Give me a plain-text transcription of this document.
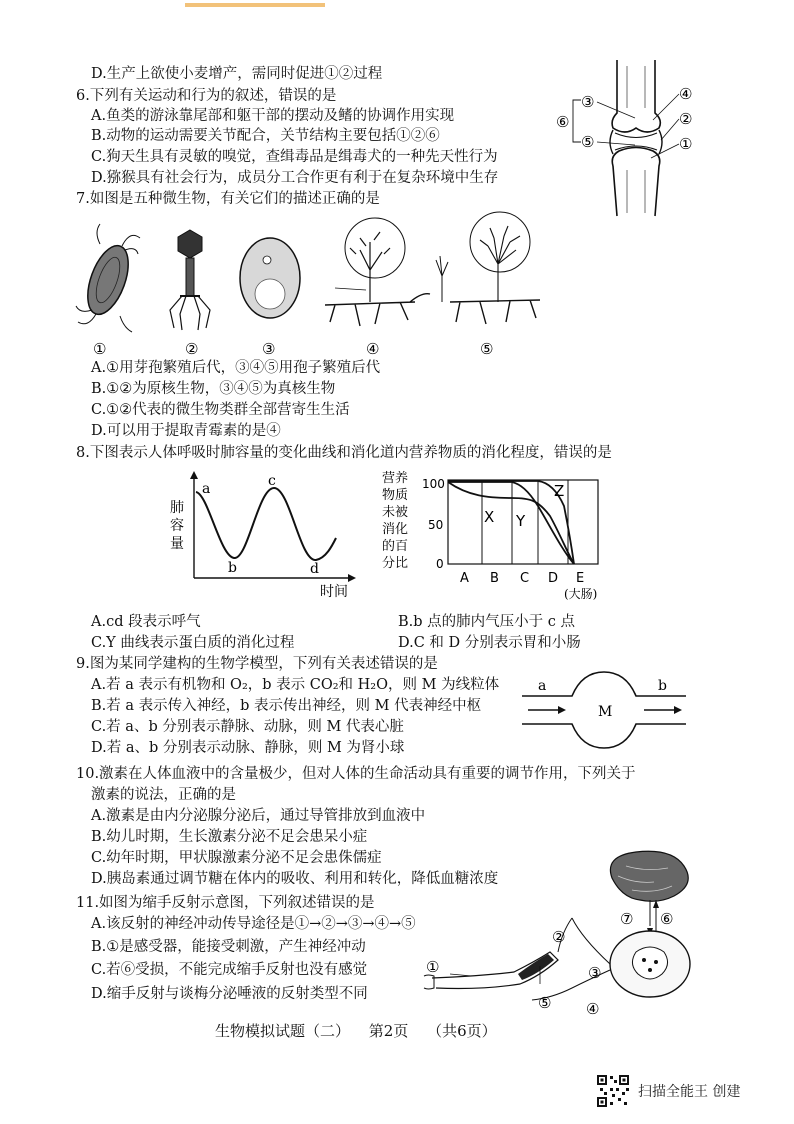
D.生产上欲使小麦增产，需同时促进①②过程
6.下列有关运动和行为的叙述，错误的是
A.鱼类的游泳靠尾部和躯干部的摆动及鳍的协调作用实现
B.动物的运动需要关节配合，关节结构主要包括①②⑥
C.狗天生具有灵敏的嗅觉，查缉毒品是缉毒犬的一种先天性行为
D.猕猴具有社会行为，成员分工合作更有利于在复杂环境中生存
7.如图是五种微生物，有关它们的描述正确的是
③	④
⑥	②
⑤	①
①	②	③	④	⑤
A.①用芽孢繁殖后代，③④⑤用孢子繁殖后代
B.①②为原核生物，③④⑤为真核生物
C.①②代表的微生物类群全部营寄生生活
D.可以用于提取青霉素的是④
8.下图表示人体呼吸时肺容量的变化曲线和消化道内营养物质的消化程度，错误的是
肺
容
量
a
b
c
d
时间
营养
物质
未被
消化
的百
分比
100
50
0
X Y
Z
A B C D E
(大肠)
A.cd 段表示呼气	B.b 点的肺内气压小于 c 点
C.Y 曲线表示蛋白质的消化过程	D.C 和 D 分别表示胃和小肠
9.图为某同学建构的生物学模型，下列有关表述错误的是
A.若 a 表示有机物和 O₂，b 表示 CO₂和 H₂O，则 M 为线粒体
B.若 a 表示传入神经，b 表示传出神经，则 M 代表神经中枢
C.若 a、b 分别表示静脉、动脉，则 M 代表心脏
D.若 a、b 分别表示动脉、静脉，则 M 为肾小球
a	b
M
10.激素在人体血液中的含量极少，但对人体的生命活动具有重要的调节作用，下列关于
激素的说法，正确的是
A.激素是由内分泌腺分泌后，通过导管排放到血液中
B.幼儿时期，生长激素分泌不足会患呆小症
C.幼年时期，甲状腺激素分泌不足会患侏儒症
D.胰岛素通过调节糖在体内的吸收、利用和转化，降低血糖浓度
11.如图为缩手反射示意图，下列叙述错误的是
A.该反射的神经冲动传导途径是①→②→③→④→⑤
B.①是感受器，能接受刺激，产生神经冲动
C.若⑥受损，不能完成缩手反射也没有感觉
D.缩手反射与谈梅分泌唾液的反射类型不同
⑦ ⑥
②
③
①
⑤ ④
生物模拟试题（二） 第2页 （共6页）
扫描全能王 创建
